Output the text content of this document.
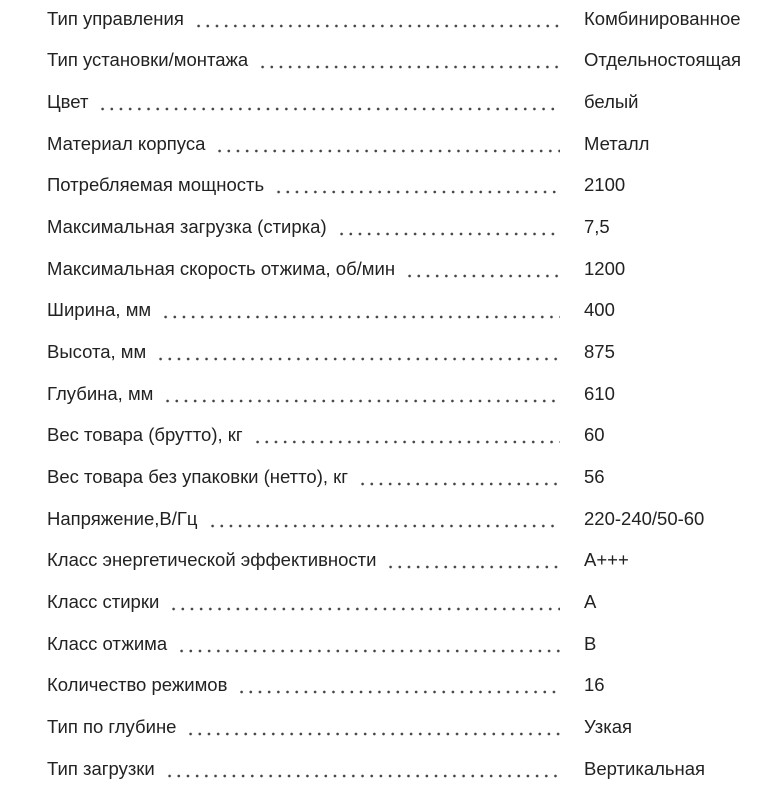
Тип управления	Комбинированное
Тип установки/монтажа	Отдельностоящая
Цвет	белый
Материал корпуса	Металл
Потребляемая мощность	2100
Максимальная загрузка (стирка)	7,5
Максимальная скорость отжима, об/мин	1200
Ширина, мм	400
Высота, мм	875
Глубина, мм	610
Вес товара (брутто), кг	60
Вес товара без упаковки (нетто), кг	56
Напряжение,В/Гц	220-240/50-60
Класс энергетической эффективности	A+++
Класс стирки	A
Класс отжима	B
Количество режимов	16
Тип по глубине	Узкая
Тип загрузки	Вертикальная
